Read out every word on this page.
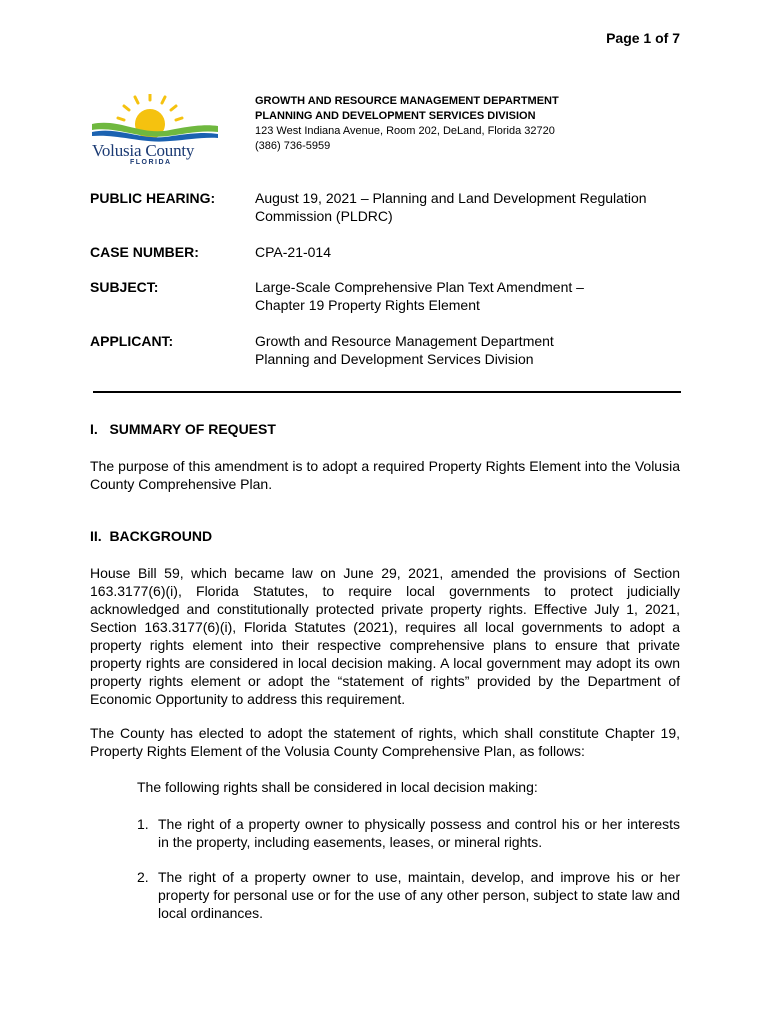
Page 1 of 7
Volusia County
FLORIDA
GROWTH AND RESOURCE MANAGEMENT DEPARTMENT
PLANNING AND DEVELOPMENT SERVICES DIVISION
123 West Indiana Avenue, Room 202, DeLand, Florida 32720
(386) 736-5959
PUBLIC HEARING:	August 19, 2021 – Planning and Land Development Regulation Commission (PLDRC)
CASE NUMBER:	CPA-21-014
SUBJECT:	Large-Scale Comprehensive Plan Text Amendment –
Chapter 19 Property Rights Element
APPLICANT:	Growth and Resource Management Department
Planning and Development Services Division
I.   SUMMARY OF REQUEST
The purpose of this amendment is to adopt a required Property Rights Element into the Volusia County Comprehensive Plan.
II.  BACKGROUND
House Bill 59, which became law on June 29, 2021, amended the provisions of Section 163.3177(6)(i), Florida Statutes, to require local governments to protect judicially acknowledged and constitutionally protected private property rights. Effective July 1, 2021, Section 163.3177(6)(i), Florida Statutes (2021), requires all local governments to adopt a property rights element into their respective comprehensive plans to ensure that private property rights are considered in local decision making. A local government may adopt its own property rights element or adopt the “statement of rights” provided by the Department of Economic Opportunity to address this requirement.
The County has elected to adopt the statement of rights, which shall constitute Chapter 19, Property Rights Element of the Volusia County Comprehensive Plan, as follows:
The following rights shall be considered in local decision making:
1. The right of a property owner to physically possess and control his or her interests in the property, including easements, leases, or mineral rights.
2. The right of a property owner to use, maintain, develop, and improve his or her property for personal use or for the use of any other person, subject to state law and local ordinances.
